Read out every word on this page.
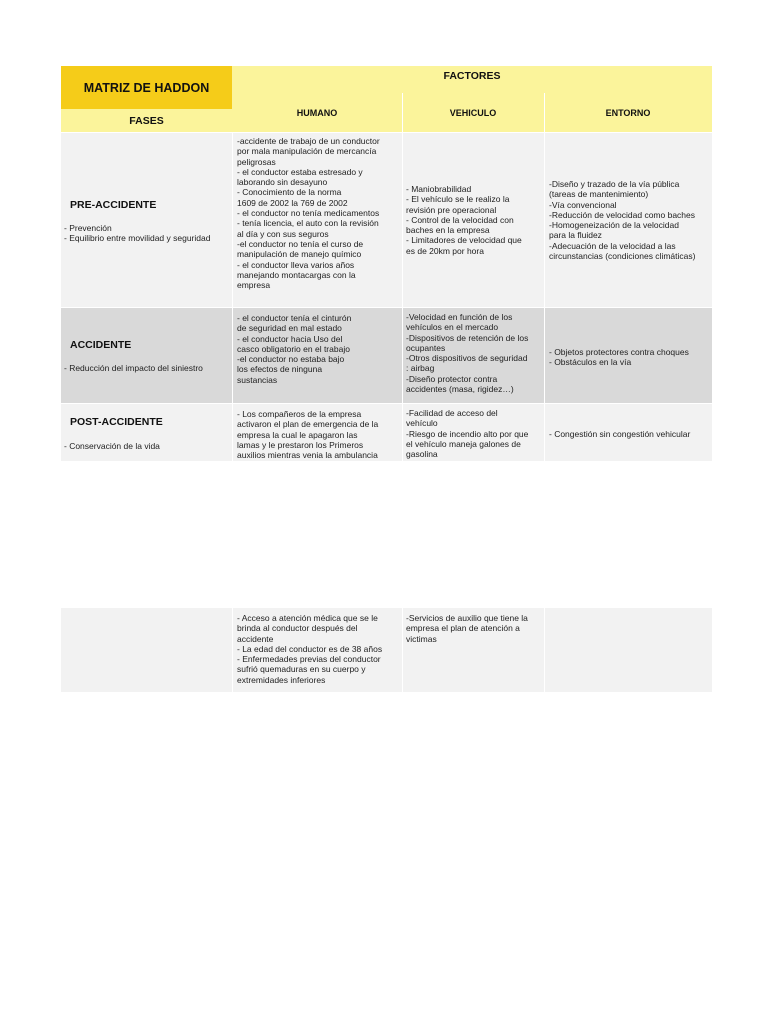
MATRIZ DE HADDON
FASES
FACTORES
HUMANO	VEHICULO	ENTORNO
PRE-ACCIDENTE
- Prevención
- Equilibrio entre movilidad y seguridad
-accidente de trabajo de un conductor
por mala manipulación de mercancía
peligrosas
- el conductor estaba estresado y
laborando sin desayuno
- Conocimiento de la norma
1609 de 2002 la 769 de 2002
- el conductor no tenía medicamentos
- tenía licencia, el auto con la revisión
al día y con sus seguros
-el conductor no tenía el curso de
manipulación de manejo químico
- el conductor lleva varios años
manejando montacargas con la
empresa
- Maniobrabilidad
- El vehículo se le realizo la
revisión pre operacional
- Control de la velocidad con
baches en la empresa
- Limitadores de velocidad que
es de 20km por hora
-Diseño y trazado de la vía pública
(tareas de mantenimiento)
-Vía convencional
-Reducción de velocidad como baches
-Homogeneización de la velocidad
para la fluidez
-Adecuación de la velocidad a las
circunstancias (condiciones climáticas)
ACCIDENTE
- Reducción del impacto del siniestro
- el conductor tenía el cinturón
de seguridad en mal estado
- el conductor hacia Uso del
casco obligatorio en el trabajo
-el conductor no estaba bajo
los efectos de ninguna
sustancias
-Velocidad en función de los
vehículos en el mercado
-Dispositivos de retención de los
ocupantes
-Otros dispositivos de seguridad
: airbag
-Diseño protector contra
accidentes (masa, rigidez…)
- Objetos protectores contra choques
- Obstáculos en la vía
POST-ACCIDENTE
- Conservación de la vida
- Los compañeros de la empresa
activaron el plan de emergencia de la
empresa la cual le apagaron las
lamas y le prestaron los Primeros
auxilios mientras venia la ambulancia
-Facilidad de acceso del
vehículo
-Riesgo de incendio alto por que
el vehículo maneja galones de
gasolina
- Congestión sin congestión vehicular
- Acceso a atención médica que se le
brinda al conductor después del
accidente
- La edad del conductor es de 38 años
- Enfermedades previas del conductor
sufrió quemaduras en su cuerpo y
extremidades inferiores
-Servicios de auxilio que tiene la
empresa el plan de atención a
victimas
